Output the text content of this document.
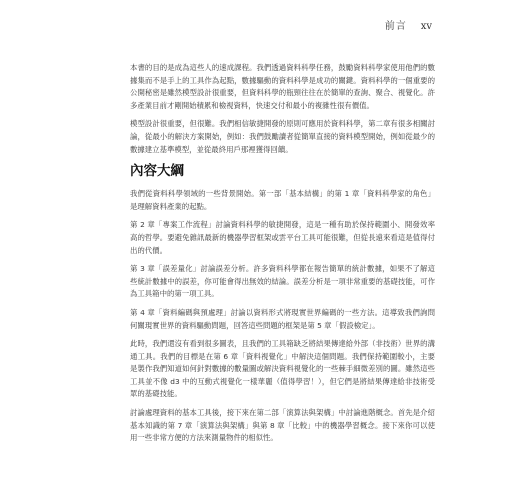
前言 xv

本書的目的是成為這些人的速成課程。我們透過資料科學任務，鼓勵資料科學家使用他們的數據集而不是手上的工具作為起點，數據驅動的資料科學是成功的關鍵。資料科學的一個重要的公開秘密是雖然模型設計很重要，但資料科學的瓶頸往往在於簡單的查詢、聚合、視覺化。許多產業目前才剛開始積累和檢視資料，快速交付和最小的複雜性很有價值。

模型設計很重要，但很難。我們相信敏捷開發的原則可應用於資料科學，第二章有很多相關討論，從最小的解決方案開始，例如：我們鼓勵讀者從簡單直接的資料模型開始，例如從最少的數據建立基準模型，並從最終用戶那裡獲得回饋。

內容大綱

我們從資料科學領域的一些背景開始。第一部「基本結構」的第 1 章「資料科學家的角色」是理解資料產業的起點。

第 2 章「專案工作流程」討論資料科學的敏捷開發，這是一種有助於保持範圍小、開發效率高的哲學。要避免雜訊最新的機器學習框架或雲平台工具可能很難，但從長遠來看這是值得付出的代價。

第 3 章「誤差量化」討論誤差分析。許多資料科學都在報告簡單的統計數據，如果不了解這些統計數據中的誤差，你可能會得出無效的結論。誤差分析是一項非常重要的基礎技能，可作為工具箱中的第一項工具。

第 4 章「資料編碼與預處理」討論以資料形式將現實世界編碼的一些方法。這導致我們詢問何關現實世界的資料驅動問題，回答這些問題的框架是第 5 章「假設檢定」。

此時，我們還沒有看到很多圖表，且我們的工具箱缺乏將結果傳達給外部（非技術）世界的溝通工具。我們的目標是在第 6 章「資料視覺化」中解決這個問題。我們保持範圍較小，主要是製作我們知道如何針對數據的數量圖或解決資料視覺化的一些棘手細微差別的圖。雖然這些工具並不像 d3 中的互動式視覺化一樣華麗（值得學習！），但它們是將結果傳達給非技術受眾的基礎技能。

討論處理資料的基本工具後，接下來在第二部「演算法與架構」中討論進階概念。首先是介紹基本知識的第 7 章「演算法與架構」與第 8 章「比較」中的機器學習概念。接下來你可以使用一些非常方便的方法來測量物件的相似性。
